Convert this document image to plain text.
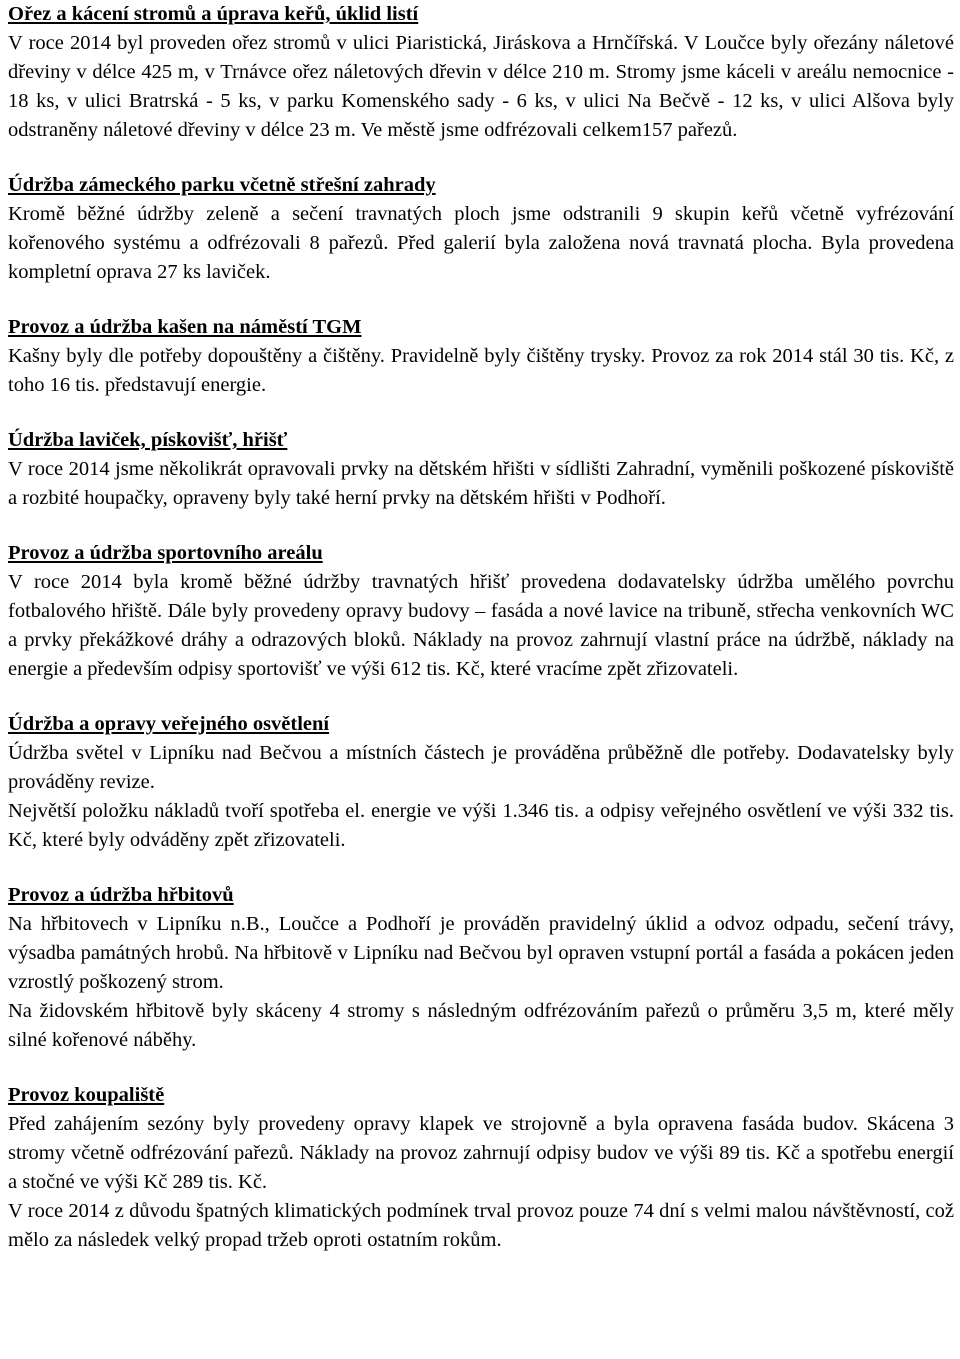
Ořez a kácení stromů a úprava keřů, úklid listí

V roce 2014 byl proveden ořez stromů v ulici Piaristická, Jiráskova a Hrnčířská. V Loučce byly ořezány náletové dřeviny v délce 425 m, v Trnávce ořez náletových dřevin v délce 210 m. Stromy jsme káceli v areálu nemocnice - 18 ks, v ulici Bratrská - 5 ks, v parku Komenského sady - 6 ks, v ulici Na Bečvě - 12 ks, v ulici Alšova byly odstraněny náletové dřeviny v délce 23 m. Ve městě jsme odfrézovali celkem157 pařezů.

Údržba zámeckého parku včetně střešní zahrady

Kromě běžné údržby zeleně a sečení travnatých ploch jsme odstranili 9 skupin keřů včetně vyfrézování kořenového systému a odfrézovali 8 pařezů. Před galerií byla založena nová travnatá plocha. Byla provedena kompletní oprava 27 ks laviček.

Provoz a údržba kašen na náměstí TGM

Kašny byly dle potřeby dopouštěny a čištěny. Pravidelně byly čištěny trysky. Provoz za rok 2014 stál 30 tis. Kč, z toho 16 tis. představují energie.

Údržba laviček, pískovišť, hřišť

V roce 2014 jsme několikrát opravovali prvky na dětském hřišti v sídlišti Zahradní, vyměnili poškozené pískoviště a rozbité houpačky, opraveny byly také herní prvky na dětském hřišti v Podhoří.

Provoz a údržba sportovního areálu

V roce 2014 byla kromě běžné údržby travnatých hřišť provedena dodavatelsky údržba umělého povrchu fotbalového hřiště. Dále byly provedeny opravy budovy – fasáda a nové lavice na tribuně, střecha venkovních WC a prvky překážkové dráhy a odrazových bloků. Náklady na provoz zahrnují vlastní práce na údržbě, náklady na energie a především odpisy sportovišť ve výši 612 tis. Kč, které vracíme zpět zřizovateli.

Údržba a opravy veřejného osvětlení

Údržba světel v Lipníku nad Bečvou a místních částech je prováděna průběžně dle potřeby. Dodavatelsky byly prováděny revize.

Největší položku nákladů tvoří spotřeba el. energie ve výši 1.346 tis. a odpisy veřejného osvětlení ve výši 332 tis. Kč, které byly odváděny zpět zřizovateli.

Provoz a údržba hřbitovů

Na hřbitovech v Lipníku n.B., Loučce a Podhoří je prováděn pravidelný úklid a odvoz odpadu, sečení trávy, výsadba památných hrobů. Na hřbitově v Lipníku nad Bečvou byl opraven vstupní portál a fasáda a pokácen jeden vzrostlý poškozený strom.

Na židovském hřbitově byly skáceny 4 stromy s následným odfrézováním pařezů o průměru 3,5 m, které měly silné kořenové náběhy.

Provoz koupaliště

Před zahájením sezóny byly provedeny opravy klapek ve strojovně a byla opravena fasáda budov. Skácena 3 stromy včetně odfrézování pařezů. Náklady na provoz zahrnují odpisy budov ve výši 89 tis. Kč a spotřebu energií a stočné ve výši Kč 289 tis. Kč.

V roce 2014 z důvodu špatných klimatických podmínek trval provoz pouze 74 dní s velmi malou návštěvností, což mělo za následek velký propad tržeb oproti ostatním rokům.
